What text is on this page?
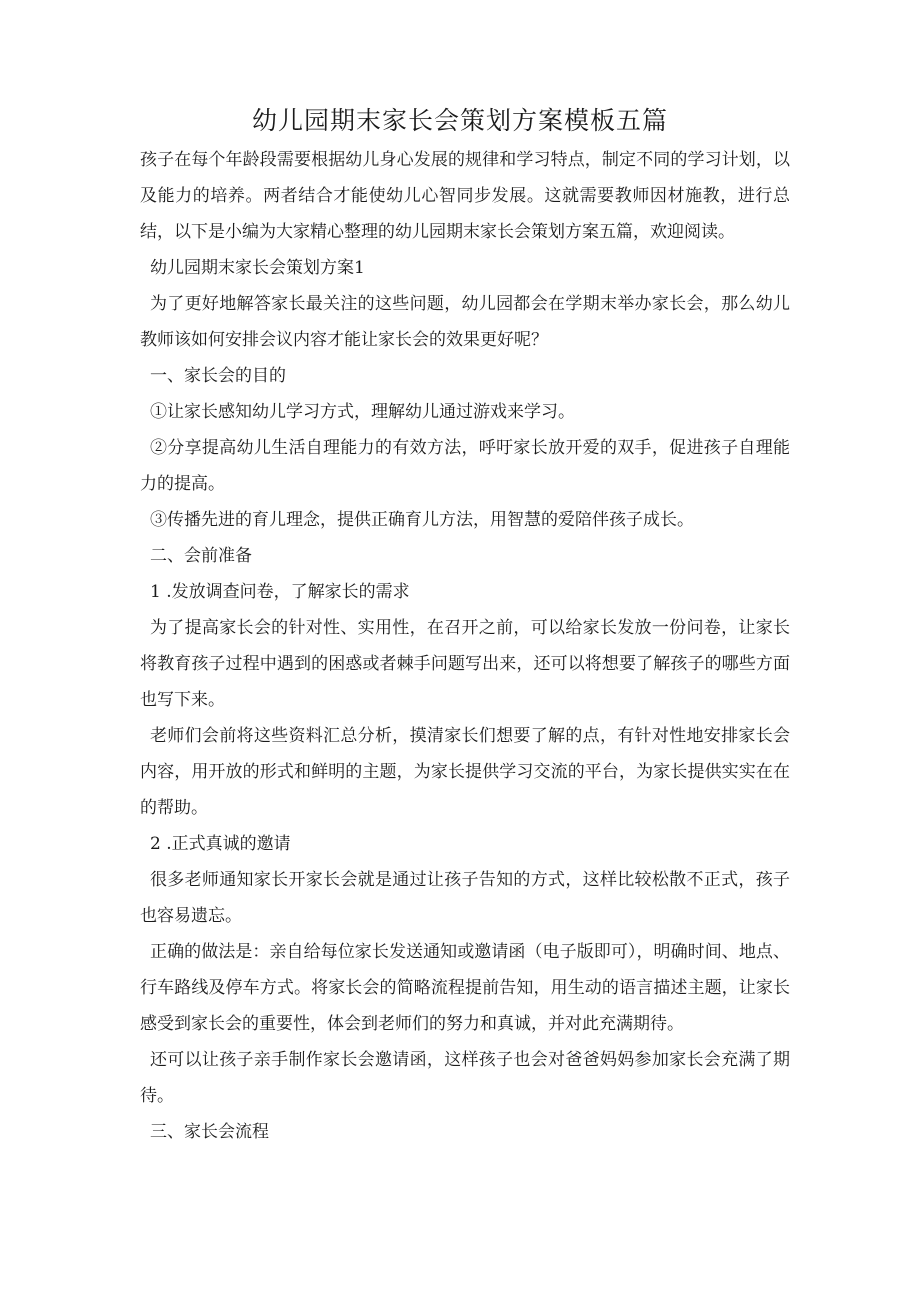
幼儿园期末家长会策划方案模板五篇

孩子在每个年龄段需要根据幼儿身心发展的规律和学习特点，制定不同的学习计划，以及能力的培养。两者结合才能使幼儿心智同步发展。这就需要教师因材施教，进行总结，以下是小编为大家精心整理的幼儿园期末家长会策划方案五篇，欢迎阅读。

幼儿园期末家长会策划方案1

为了更好地解答家长最关注的这些问题，幼儿园都会在学期末举办家长会，那么幼儿教师该如何安排会议内容才能让家长会的效果更好呢？

一、家长会的目的

①让家长感知幼儿学习方式，理解幼儿通过游戏来学习。

②分享提高幼儿生活自理能力的有效方法，呼吁家长放开爱的双手，促进孩子自理能力的提高。

③传播先进的育儿理念，提供正确育儿方法，用智慧的爱陪伴孩子成长。

二、会前准备

1 .发放调查问卷，了解家长的需求

为了提高家长会的针对性、实用性，在召开之前，可以给家长发放一份问卷，让家长将教育孩子过程中遇到的困惑或者棘手问题写出来，还可以将想要了解孩子的哪些方面也写下来。

老师们会前将这些资料汇总分析，摸清家长们想要了解的点，有针对性地安排家长会内容，用开放的形式和鲜明的主题，为家长提供学习交流的平台，为家长提供实实在在的帮助。

2 .正式真诚的邀请

很多老师通知家长开家长会就是通过让孩子告知的方式，这样比较松散不正式，孩子也容易遗忘。

正确的做法是：亲自给每位家长发送通知或邀请函（电子版即可），明确时间、地点、行车路线及停车方式。将家长会的简略流程提前告知，用生动的语言描述主题，让家长感受到家长会的重要性，体会到老师们的努力和真诚，并对此充满期待。

还可以让孩子亲手制作家长会邀请函，这样孩子也会对爸爸妈妈参加家长会充满了期待。

三、家长会流程
